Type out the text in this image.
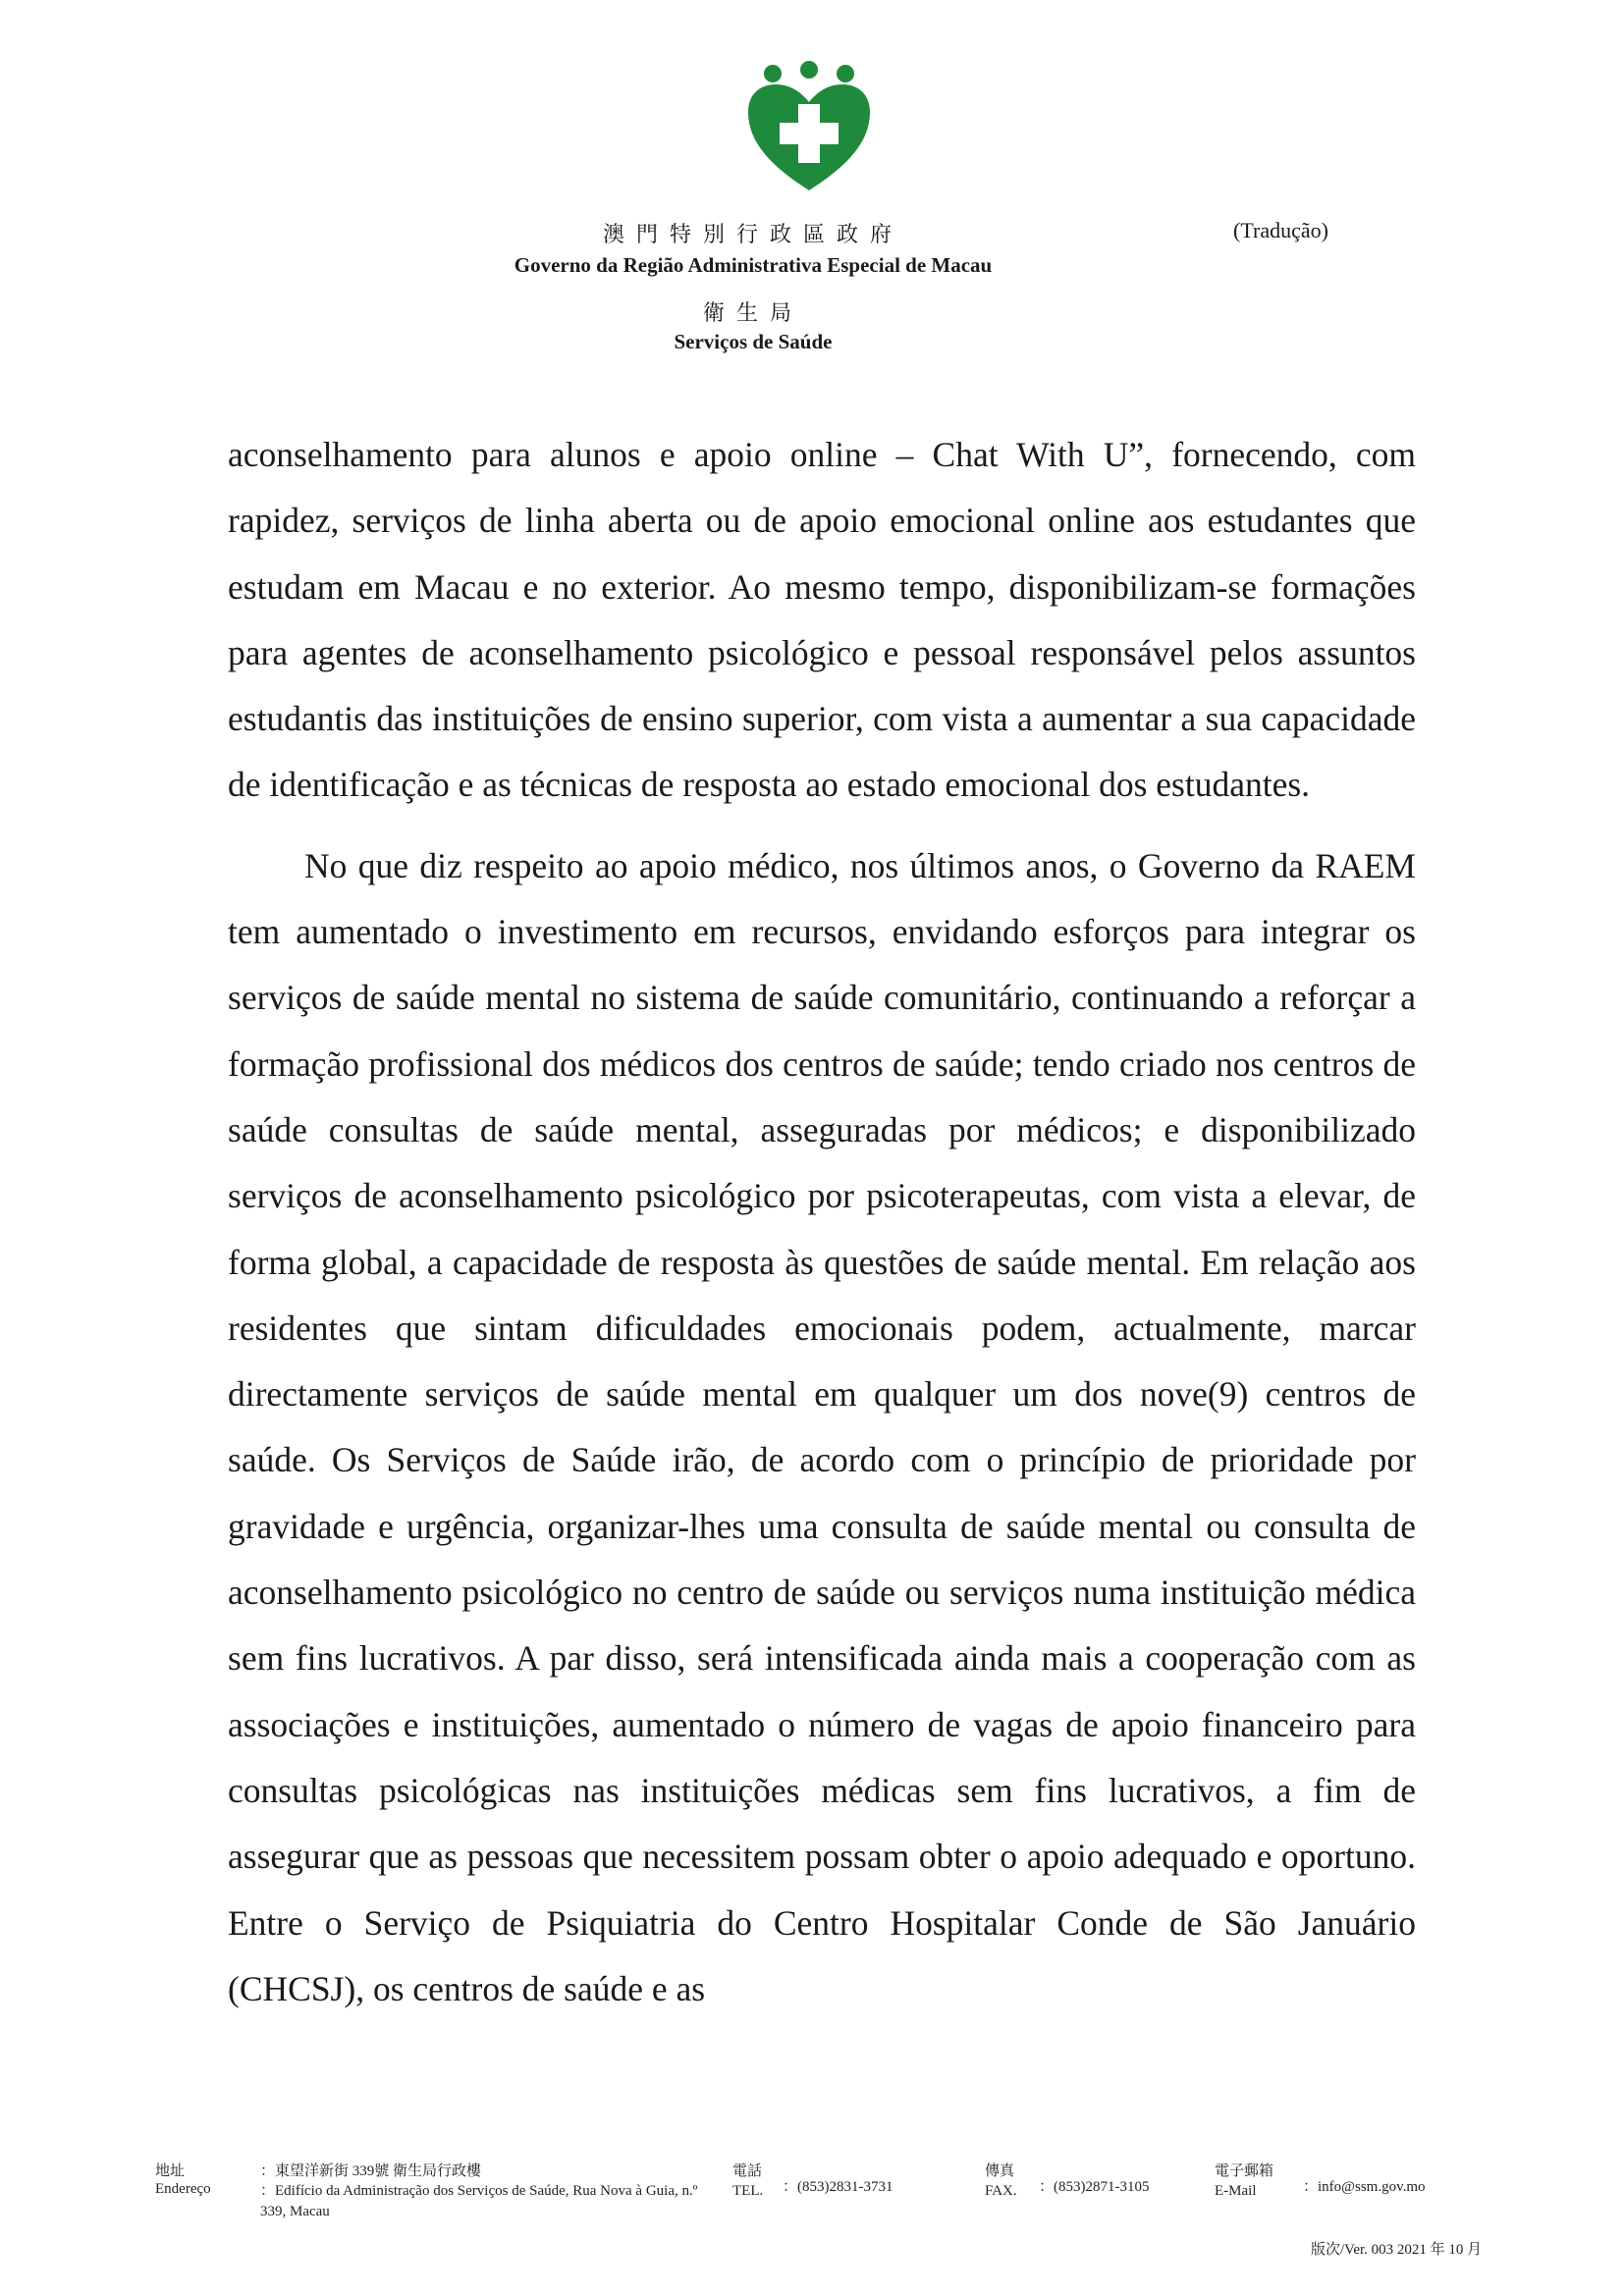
(Tradução)
澳門特別行政區政府
Governo da Região Administrativa Especial de Macau
衛生局
Serviços de Saúde

aconselhamento para alunos e apoio online – Chat With U”, fornecendo, com rapidez, serviços de linha aberta ou de apoio emocional online aos estudantes que estudam em Macau e no exterior. Ao mesmo tempo, disponibilizam-se formações para agentes de aconselhamento psicológico e pessoal responsável pelos assuntos estudantis das instituições de ensino superior, com vista a aumentar a sua capacidade de identificação e as técnicas de resposta ao estado emocional dos estudantes.

No que diz respeito ao apoio médico, nos últimos anos, o Governo da RAEM tem aumentado o investimento em recursos, envidando esforços para integrar os serviços de saúde mental no sistema de saúde comunitário, continuando a reforçar a formação profissional dos médicos dos centros de saúde; tendo criado nos centros de saúde consultas de saúde mental, asseguradas por médicos; e disponibilizado serviços de aconselhamento psicológico por psicoterapeutas, com vista a elevar, de forma global, a capacidade de resposta às questões de saúde mental. Em relação aos residentes que sintam dificuldades emocionais podem, actualmente, marcar directamente serviços de saúde mental em qualquer um dos nove(9) centros de saúde. Os Serviços de Saúde irão, de acordo com o princípio de prioridade por gravidade e urgência, organizar-lhes uma consulta de saúde mental ou consulta de aconselhamento psicológico no centro de saúde ou serviços numa instituição médica sem fins lucrativos. A par disso, será intensificada ainda mais a cooperação com as associações e instituições, aumentado o número de vagas de apoio financeiro para consultas psicológicas nas instituições médicas sem fins lucrativos, a fim de assegurar que as pessoas que necessitem possam obter o apoio adequado e oportuno. Entre o Serviço de Psiquiatria do Centro Hospitalar Conde de São Januário (CHCSJ), os centros de saúde e as

地址
Endereço
：東望洋新街 339號 衛生局行政樓
：Edifício da Administração dos Serviços de Saúde, Rua Nova à Guia, n.º 339, Macau
電話
TEL. ：(853)2831-3731
傳真
FAX. ：(853)2871-3105
電子郵箱
E-Mail	：info@ssm.gov.mo
版次/Ver. 003 2021 年 10 月
